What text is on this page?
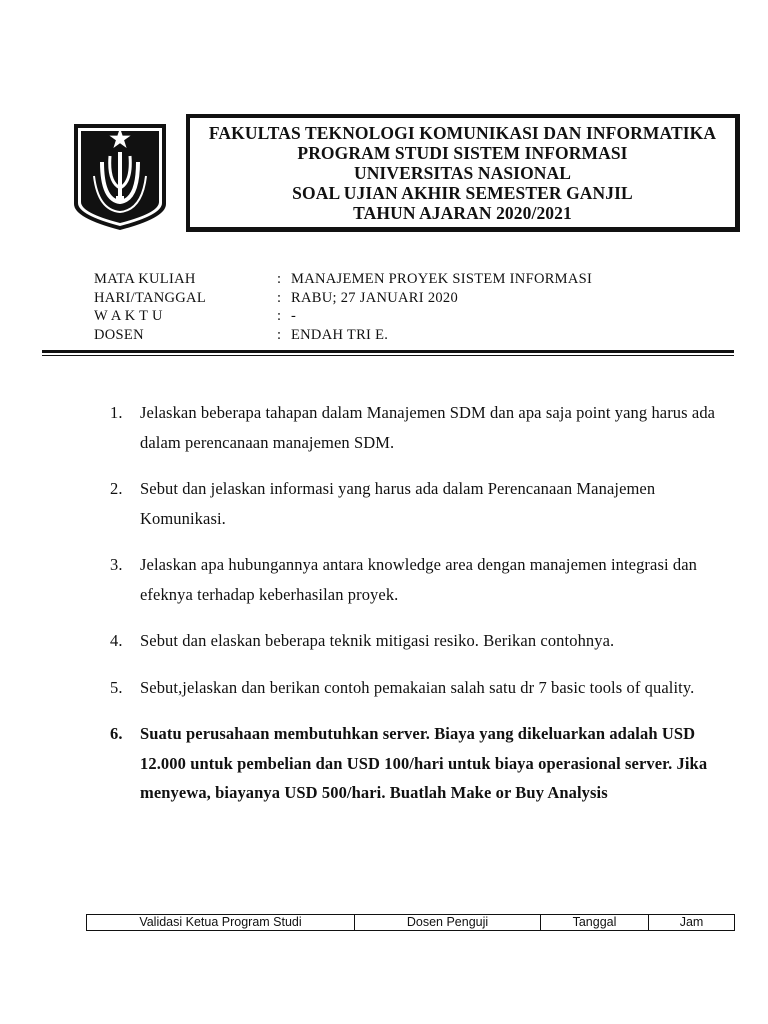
FAKULTAS TEKNOLOGI KOMUNIKASI DAN INFORMATIKA
PROGRAM STUDI SISTEM INFORMASI
UNIVERSITAS NASIONAL
SOAL UJIAN AKHIR SEMESTER GANJIL
TAHUN AJARAN 2020/2021
MATA KULIAH	: MANAJEMEN PROYEK SISTEM INFORMASI
HARI/TANGGAL	: RABU; 27 JANUARI 2020
W A K T U	: -
DOSEN	: ENDAH TRI E.
1.	Jelaskan beberapa tahapan dalam Manajemen SDM dan apa saja point yang harus ada dalam perencanaan manajemen SDM.
2.	Sebut dan jelaskan informasi yang harus ada dalam Perencanaan Manajemen Komunikasi.
3.	Jelaskan apa hubungannya antara knowledge area dengan manajemen integrasi dan efeknya terhadap keberhasilan proyek.
4.	Sebut dan elaskan beberapa teknik mitigasi resiko. Berikan contohnya.
5.	Sebut,jelaskan dan berikan contoh pemakaian salah satu dr 7 basic tools of quality.
6.	Suatu perusahaan membutuhkan server. Biaya yang dikeluarkan adalah USD 12.000 untuk pembelian dan USD 100/hari untuk biaya operasional server. Jika menyewa, biayanya USD 500/hari. Buatlah Make or Buy Analysis
Validasi Ketua Program Studi	Dosen Penguji	Tanggal	Jam
